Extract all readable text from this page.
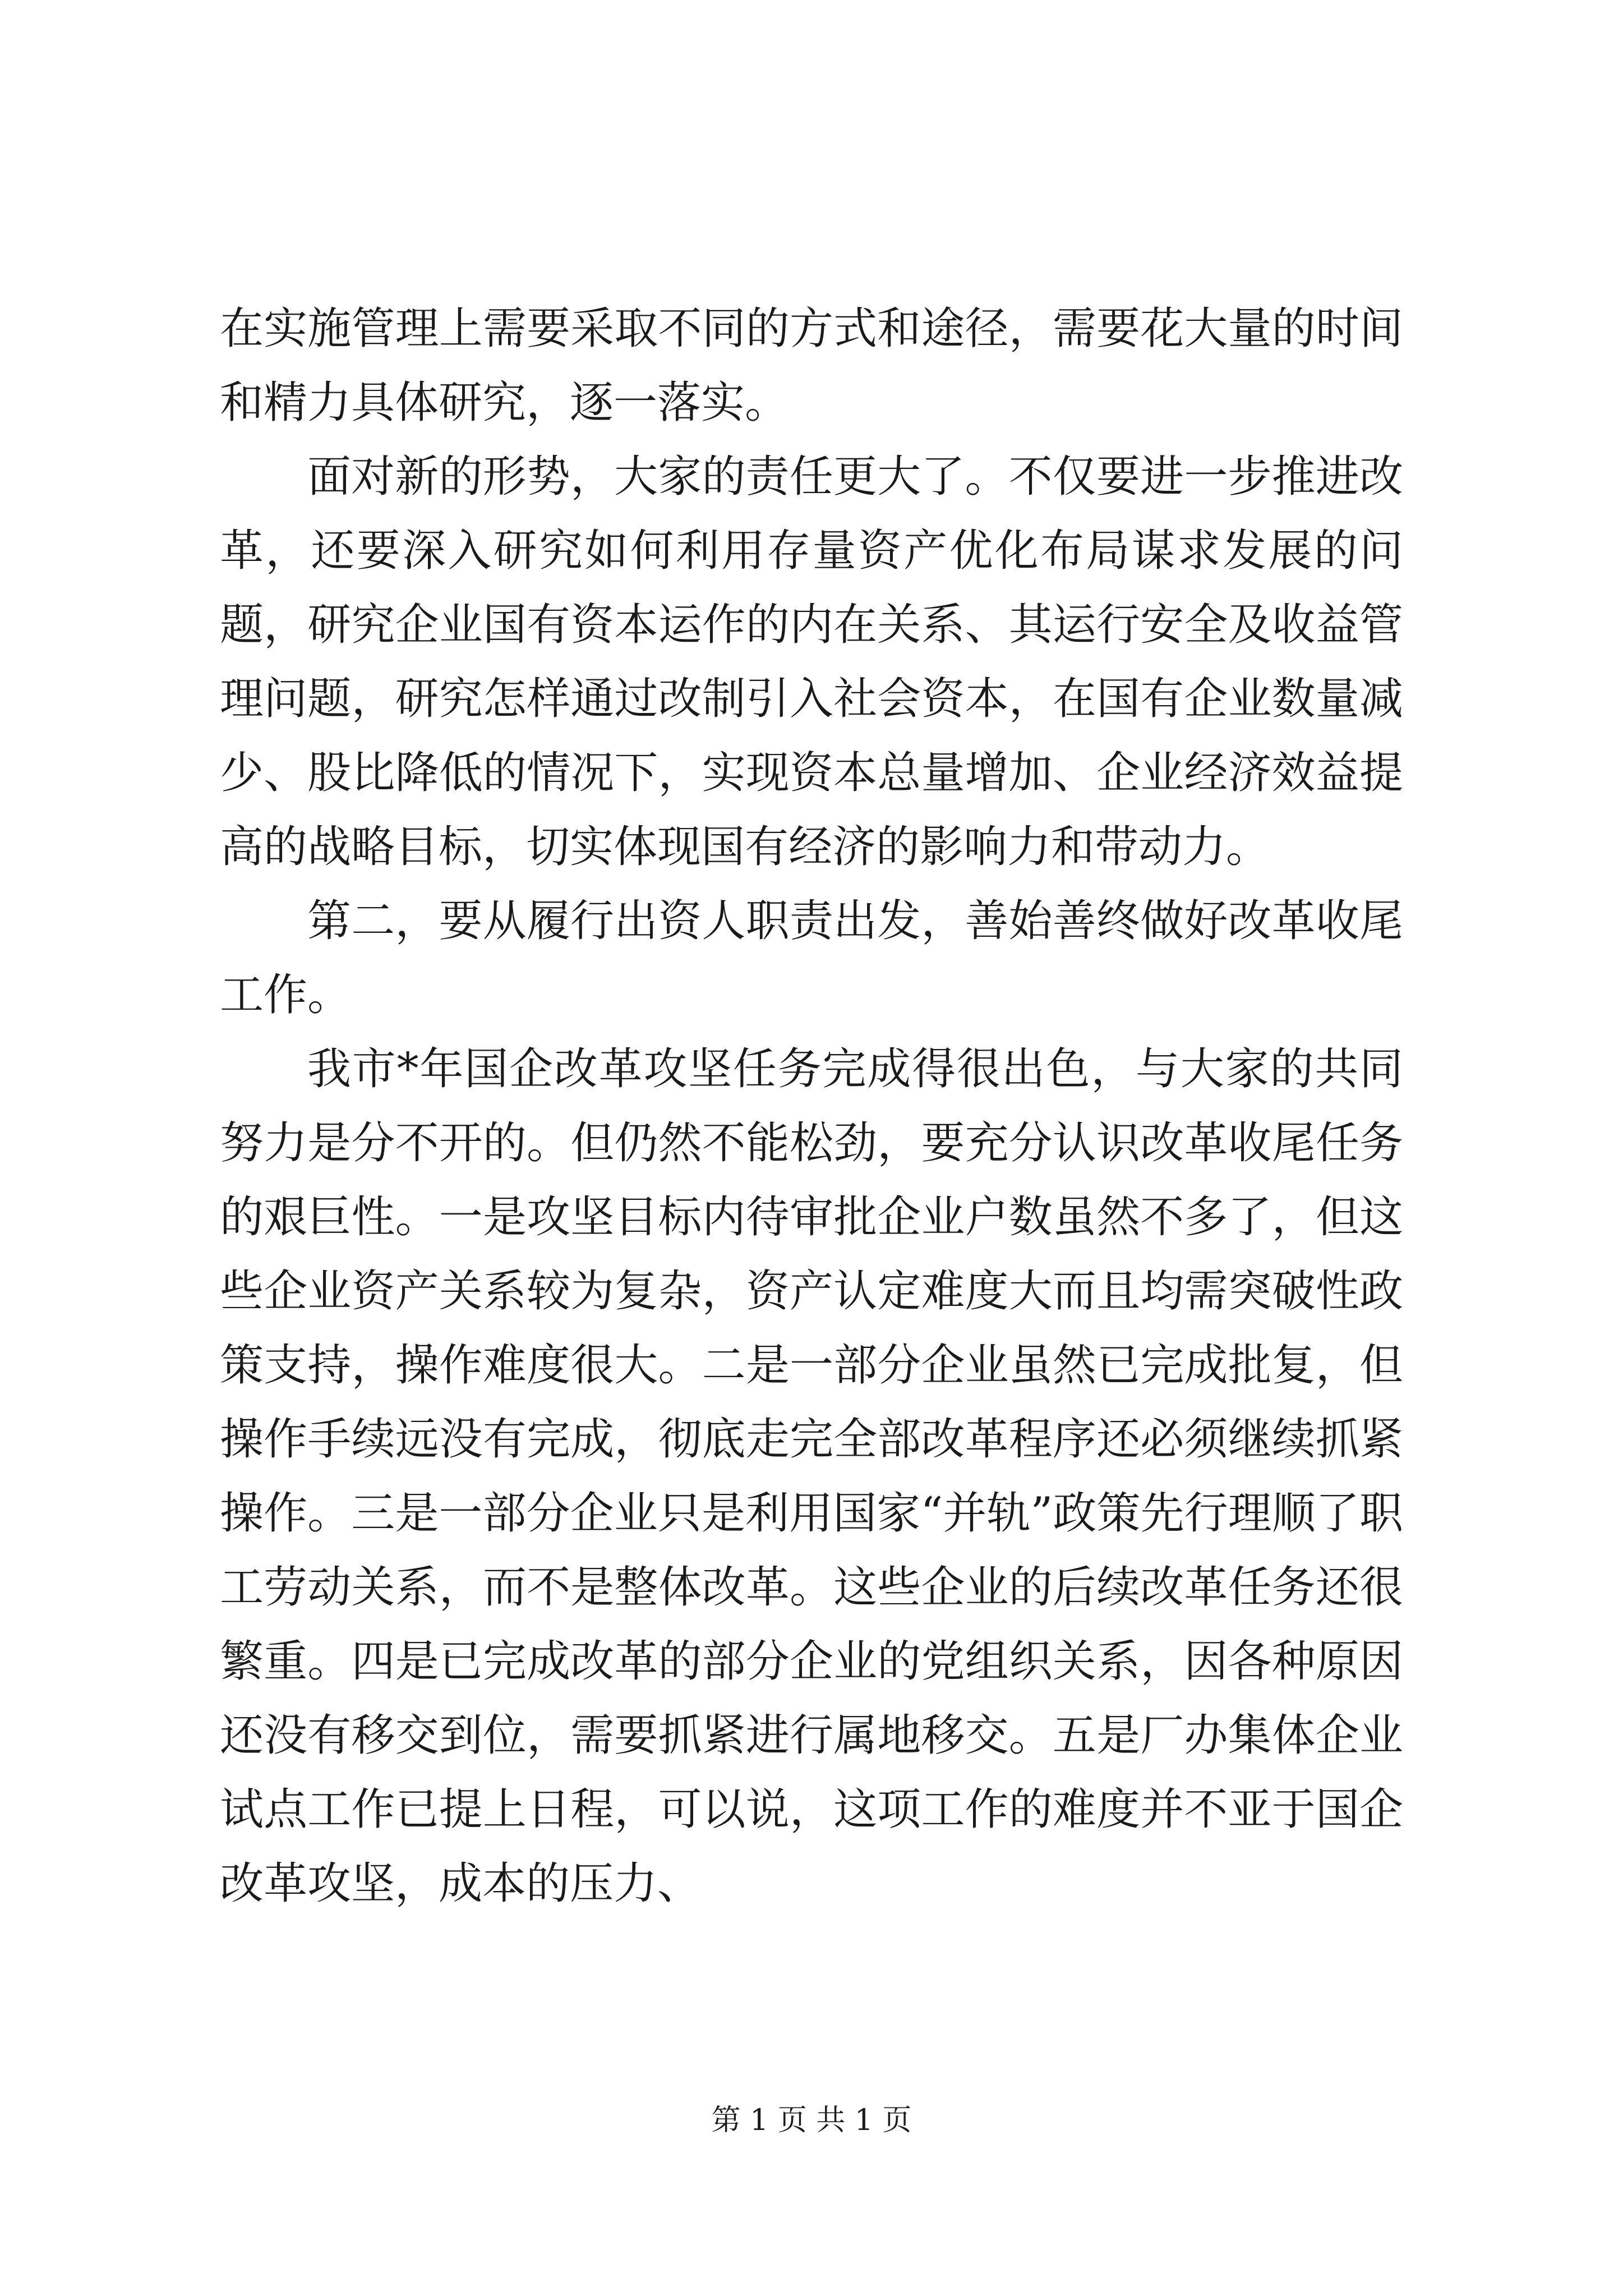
在实施管理上需要采取不同的方式和途径，需要花大量的时间和精力具体研究，逐一落实。

面对新的形势，大家的责任更大了。不仅要进一步推进改革，还要深入研究如何利用存量资产优化布局谋求发展的问题，研究企业国有资本运作的内在关系、其运行安全及收益管理问题，研究怎样通过改制引入社会资本，在国有企业数量减少、股比降低的情况下，实现资本总量增加、企业经济效益提高的战略目标，切实体现国有经济的影响力和带动力。

第二，要从履行出资人职责出发，善始善终做好改革收尾工作。

我市*年国企改革攻坚任务完成得很出色，与大家的共同努力是分不开的。但仍然不能松劲，要充分认识改革收尾任务的艰巨性。一是攻坚目标内待审批企业户数虽然不多了，但这些企业资产关系较为复杂，资产认定难度大而且均需突破性政策支持，操作难度很大。二是一部分企业虽然已完成批复，但操作手续远没有完成，彻底走完全部改革程序还必须继续抓紧操作。三是一部分企业只是利用国家“并轨”政策先行理顺了职工劳动关系，而不是整体改革。这些企业的后续改革任务还很繁重。四是已完成改革的部分企业的党组织关系，因各种原因还没有移交到位，需要抓紧进行属地移交。五是厂办集体企业试点工作已提上日程，可以说，这项工作的难度并不亚于国企改革攻坚，成本的压力、

第 1 页 共 1 页
